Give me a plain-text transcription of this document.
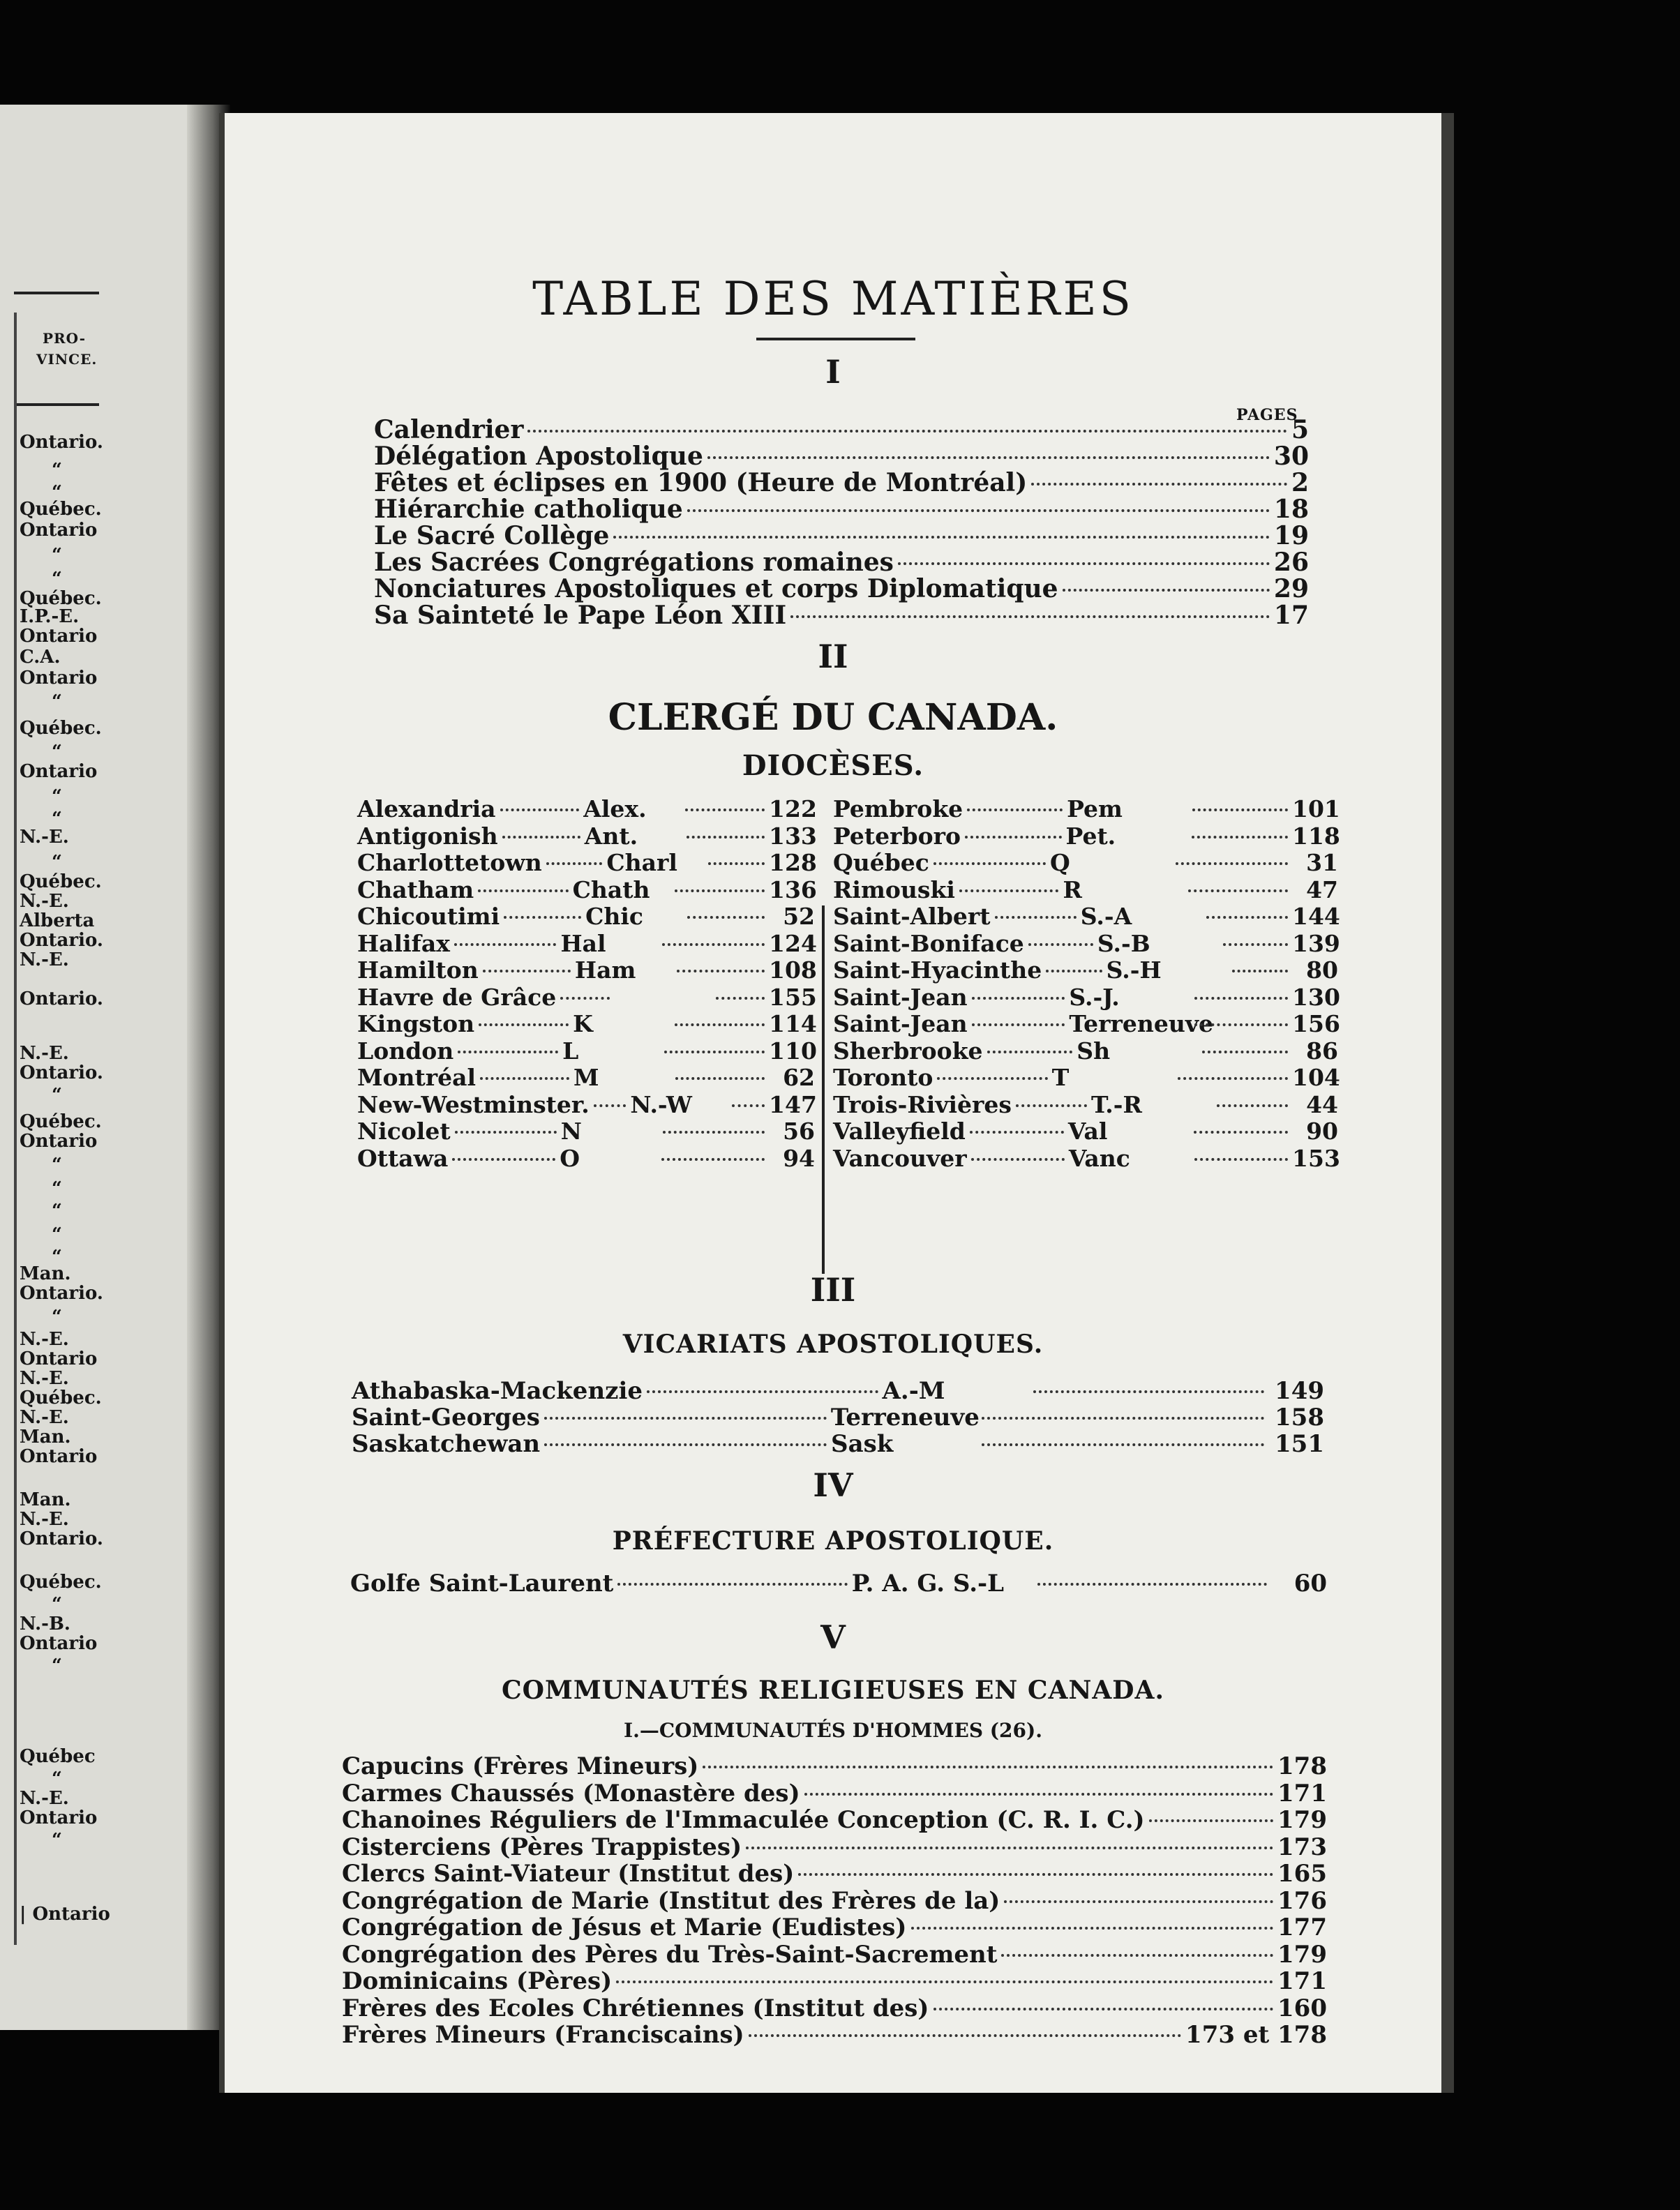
PRO-
VINCE.
Ontario.
“
“
Québec.
Ontario
“
“
Québec.
I.P.-E.
Ontario
C.A.
Ontario
“
Québec.
“
Ontario
“
“
N.-E.
“
Québec.
N.-E.
Alberta
Ontario.
N.-E.
Ontario.
N.-E.
Ontario.
“
Québec.
Ontario
“
“
“
“
“
Man.
Ontario.
“
N.-E.
Ontario
N.-E.
Québec.
N.-E.
Man.
Ontario
Man.
N.-E.
Ontario.
Québec.
“
N.-B.
Ontario
“
Québec
“
N.-E.
Ontario
“
| Ontario
TABLE DES MATIÈRES
I
PAGES
Calendrier	5
Délégation Apostolique	30
Fêtes et éclipses en 1900 (Heure de Montréal)	2
Hiérarchie catholique	18
Le Sacré Collège	19
Les Sacrées Congrégations romaines	26
Nonciatures Apostoliques et corps Diplomatique	29
Sa Sainteté le Pape Léon XIII	17
II
CLERGÉ DU CANADA.
DIOCÈSES.
Alexandria	Alex.	122
Antigonish	Ant.	133
Charlottetown	Charl	128
Chatham	Chath	136
Chicoutimi	Chic	52
Halifax	Hal	124
Hamilton	Ham	108
Havre de Grâce	155
Kingston	K	114
London	L	110
Montréal	M	62
New-Westminster. N.-W	147
Nicolet	N	56
Ottawa	O	94
Pembroke	Pem	101
Peterboro	Pet.	118
Québec	Q	31
Rimouski	R	47
Saint-Albert	S.-A	144
Saint-Boniface	S.-B	139
Saint-Hyacinthe	S.-H	80
Saint-Jean	S.-J.	130
Saint-Jean	Terreneuve	156
Sherbrooke	Sh	86
Toronto	T	104
Trois-Rivières	T.-R	44
Valleyfield	Val	90
Vancouver	Vanc	153
III
VICARIATS APOSTOLIQUES.
Athabaska-Mackenzie	A.-M	149
Saint-Georges	Terreneuve	158
Saskatchewan	Sask	151
IV
PRÉFECTURE APOSTOLIQUE.
Golfe Saint-Laurent	P. A. G. S.-L	60
V
COMMUNAUTÉS RELIGIEUSES EN CANADA.
I.—COMMUNAUTÉS D'HOMMES (26).
Capucins (Frères Mineurs)	178
Carmes Chaussés (Monastère des)	171
Chanoines Réguliers de l'Immaculée Conception (C. R. I. C.)	179
Cisterciens (Pères Trappistes)	173
Clercs Saint-Viateur (Institut des)	165
Congrégation de Marie (Institut des Frères de la)	176
Congrégation de Jésus et Marie (Eudistes)	177
Congrégation des Pères du Très-Saint-Sacrement	179
Dominicains (Pères)	171
Frères des Ecoles Chrétiennes (Institut des)	160
Frères Mineurs (Franciscains)	173 et 178
